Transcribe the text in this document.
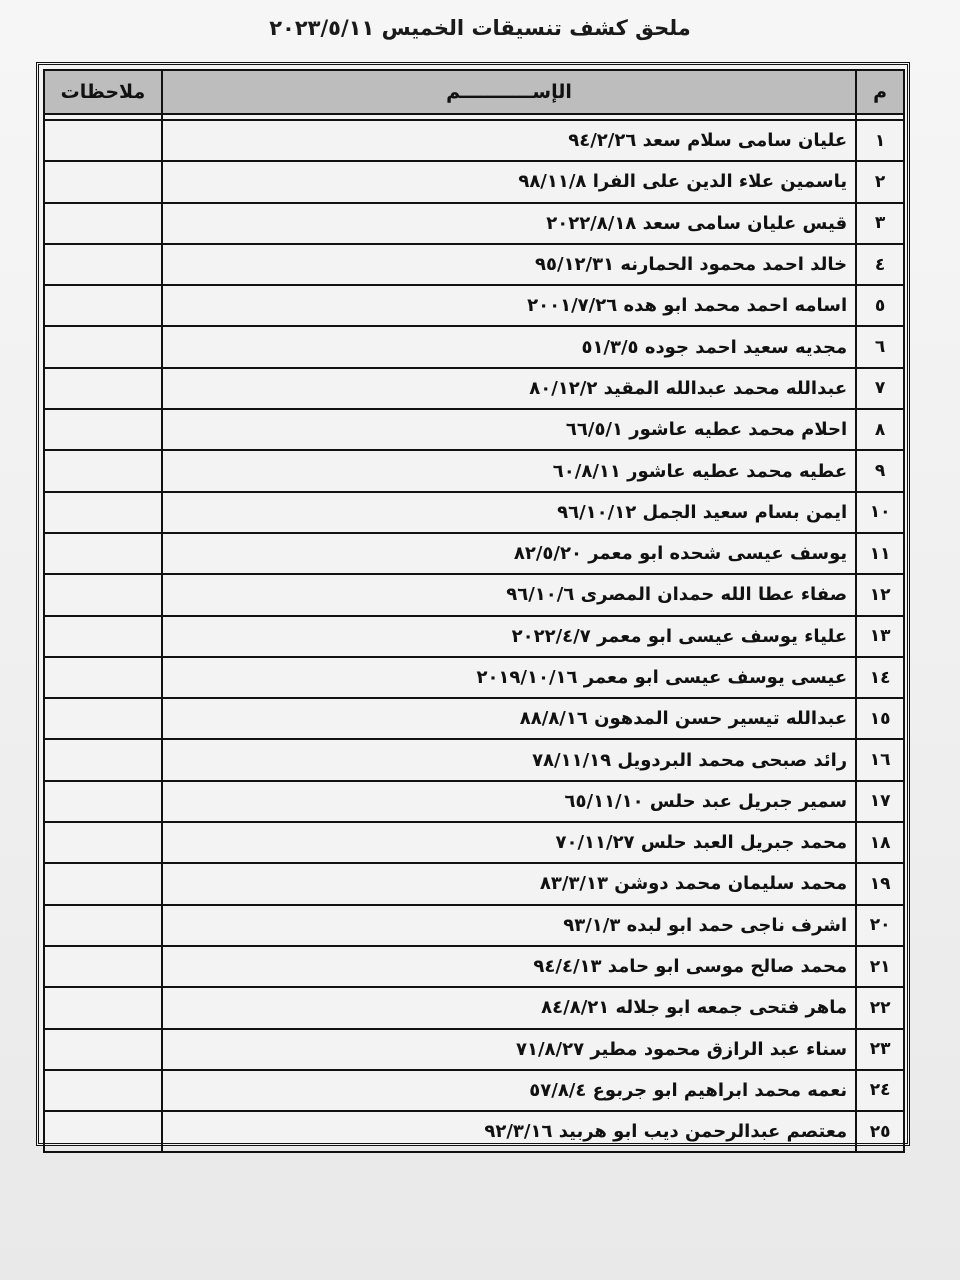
ملحق كشف تنسيقات الخميس ٢٠٢٣/٥/١١
م	الإســـــــــــم	ملاحظات

١	عليان سامى سلام سعد ٩٤/٢/٢٦	
٢	ياسمين علاء الدين على الفرا ٩٨/١١/٨	
٣	قيس عليان سامى سعد ٢٠٢٢/٨/١٨	
٤	خالد احمد محمود الحمارنه ٩٥/١٢/٣١	
٥	اسامه احمد محمد ابو هده ٢٠٠١/٧/٢٦	
٦	مجديه سعيد احمد جوده ٥١/٣/٥	
٧	عبدالله محمد عبدالله المقيد ٨٠/١٢/٢	
٨	احلام محمد عطيه عاشور ٦٦/٥/١	
٩	عطيه محمد عطيه عاشور ٦٠/٨/١١	
١٠	ايمن بسام سعيد الجمل ٩٦/١٠/١٢	
١١	يوسف عيسى شحده ابو معمر ٨٢/٥/٢٠	
١٢	صفاء عطا الله حمدان المصرى ٩٦/١٠/٦	
١٣	علياء يوسف عيسى ابو معمر ٢٠٢٢/٤/٧	
١٤	عيسى يوسف عيسى ابو معمر ٢٠١٩/١٠/١٦	
١٥	عبدالله تيسير حسن المدهون ٨٨/٨/١٦	
١٦	رائد صبحى محمد البردويل ٧٨/١١/١٩	
١٧	سمير جبريل عبد حلس ٦٥/١١/١٠	
١٨	محمد جبريل العبد حلس ٧٠/١١/٢٧	
١٩	محمد سليمان محمد دوشن ٨٣/٣/١٣	
٢٠	اشرف ناجى حمد ابو لبده ٩٣/١/٣	
٢١	محمد صالح موسى ابو حامد ٩٤/٤/١٣	
٢٢	ماهر فتحى جمعه ابو جلاله ٨٤/٨/٢١	
٢٣	سناء عبد الرازق محمود مطير ٧١/٨/٢٧	
٢٤	نعمه محمد ابراهيم ابو جربوع ٥٧/٨/٤	
٢٥	معتصم عبدالرحمن ديب ابو هربيد ٩٢/٣/١٦	
